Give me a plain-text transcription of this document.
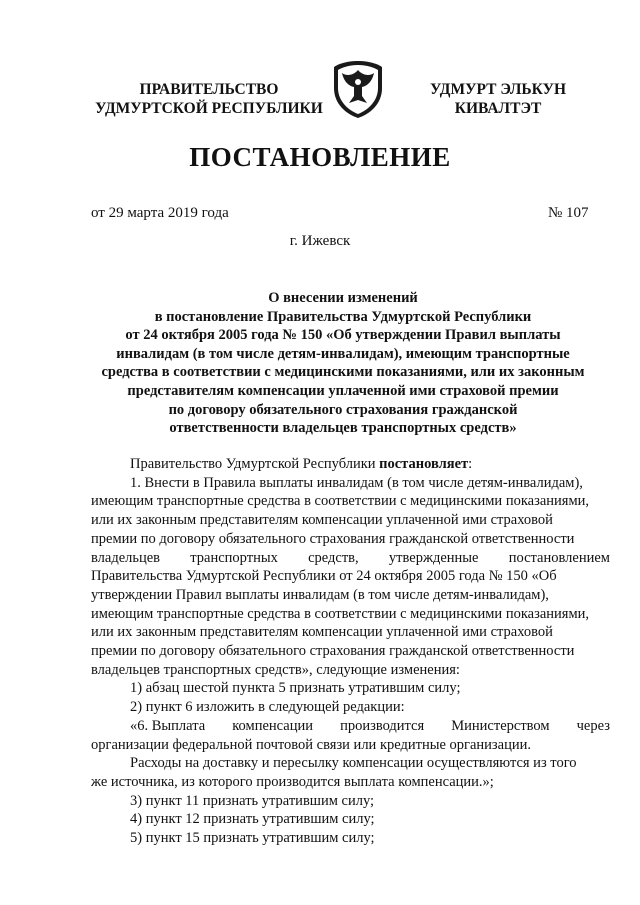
ПРАВИТЕЛЬСТВО
УДМУРТСКОЙ РЕСПУБЛИКИ
УДМУРТ ЭЛЬКУН
КИВАЛТЭТ
ПОСТАНОВЛЕНИЕ
от 29 марта 2019 года	№ 107
г. Ижевск
О внесении изменений
в постановление Правительства Удмуртской Республики
от 24 октября 2005 года № 150 «Об утверждении Правил выплаты
инвалидам (в том числе детям-инвалидам), имеющим транспортные
средства в соответствии с медицинскими показаниями, или их законным
представителям компенсации уплаченной ими страховой премии
по договору обязательного страхования гражданской
ответственности владельцев транспортных средств»
Правительство Удмуртской Республики постановляет:
1. Внести в Правила выплаты инвалидам (в том числе детям-инвалидам),
имеющим транспортные средства в соответствии с медицинскими показаниями,
или их законным представителям компенсации уплаченной ими страховой
премии по договору обязательного страхования гражданской ответственности
владельцев транспортных средств, утвержденные постановлением
Правительства Удмуртской Республики от 24 октября 2005 года № 150 «Об
утверждении Правил выплаты инвалидам (в том числе детям-инвалидам),
имеющим транспортные средства в соответствии с медицинскими показаниями,
или их законным представителям компенсации уплаченной ими страховой
премии по договору обязательного страхования гражданской ответственности
владельцев транспортных средств», следующие изменения:
1) абзац шестой пункта 5 признать утратившим силу;
2) пункт 6 изложить в следующей редакции:
«6. Выплата компенсации производится Министерством через
организации федеральной почтовой связи или кредитные организации.
Расходы на доставку и пересылку компенсации осуществляются из того
же источника, из которого производится выплата компенсации.»;
3) пункт 11 признать утратившим силу;
4) пункт 12 признать утратившим силу;
5) пункт 15 признать утратившим силу;
